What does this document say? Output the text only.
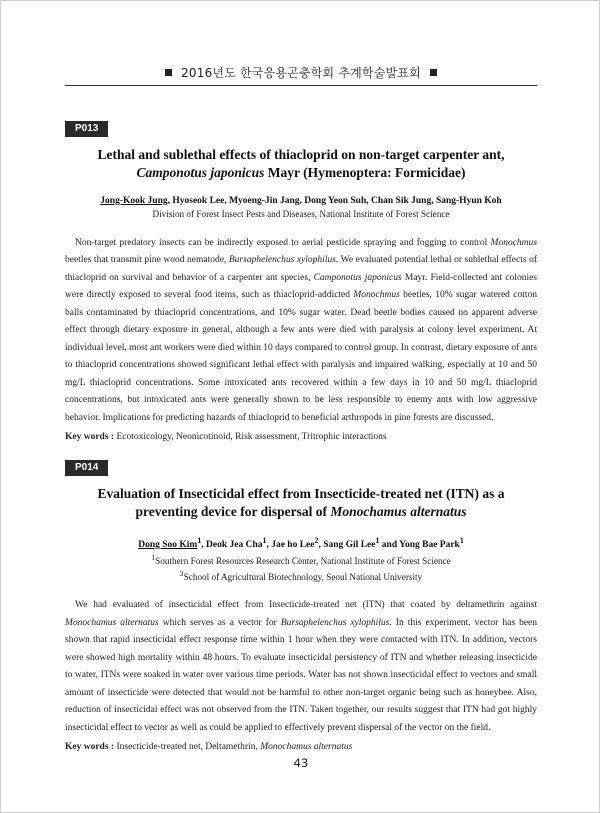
2016년도 한국응용곤충학회 추계학술발표회
P013
Lethal and sublethal effects of thiacloprid on non-target carpenter ant, Camponotus japonicus Mayr (Hymenoptera: Formicidae)
Jong-Kook Jung, Hyoseok Lee, Myoeng-Jin Jang, Dong Yeon Suh, Chan Sik Jung, Sang-Hyun Koh
Division of Forest Insect Pests and Diseases, National Institute of Forest Science

Non-target predatory insects can be indirectly exposed to aerial pesticide spraying and fogging to control Monochmus beetles that transmit pine wood nematode, Bursaphelenchus xylophilus. We evaluated potential lethal or sublethal effects of thiacloprid on survival and behavior of a carpenter ant species, Camponotus japonicus Mayr. Field-collected ant colonies were directly exposed to several food items, such as thiacloprid-addicted Monochmus beetles, 10% sugar watered cotton balls contaminated by thiacloprid concentrations, and 10% sugar water. Dead beetle bodies caused no apparent adverse effect through dietary exposure in general, although a few ants were died with paralysis at colony level experiment. At individual level, most ant workers were died within 10 days compared to control group. In contrast, dietary exposure of ants to thiacloprid concentrations showed significant lethal effect with paralysis and impaired walking, especially at 10 and 50 mg/L thiacloprid concentrations. Some intoxicated ants recovered within a few days in 10 and 50 mg/L thiacloprid concentrations, but intoxicated ants were generally shown to be less responsible to enemy ants with low aggressive behavior. Implications for predicting hazards of thiacloprid to beneficial arthropods in pine forests are discussed.

Key words : Ecotoxicology, Neonicotinoid, Risk assessment, Tritrophic interactions
P014
Evaluation of Insecticidal effect from Insecticide-treated net (ITN) as a preventing device for dispersal of Monochamus alternatus
Dong Soo Kim$^1$, Deok Jea Cha$^1$, Jae ho Lee$^2$, Sang Gil Lee$^1$ and Yong Bae Park$^1$
$^1$Southern Forest Resources Research Center, National Institute of Forest Science
$^2$School of Agricultural Biotechnology, Seoul National University

We had evaluated of insecticidal effect from Insecticide-treated net (ITN) that coated by deltamethrin against Monochamus alternatus which serves as a vector for Bursaphelenchus xylophilus. In this experiment, vector has been shown that rapid insecticidal effect response time within 1 hour when they were contacted with ITN. In addition, vectors were showed high mortality within 48 hours. To evaluate insecticidal persistency of ITN and whether releasing insecticide to water, ITNs were soaked in water over various time periods. Water has not shown insecticidal effect to vectors and small amount of insecticide were detected that would not be harmful to other non-target organic being such as honeybee. Also, reduction of insecticidal effect was not observed from the ITN. Taken together, our results suggest that ITN had got highly insecticidal effect to vector as well as could be applied to effectively prevent dispersal of the vector on the field.

Key words : Insecticide-treated net, Deltamethrin, Monochamus alternatus
43
